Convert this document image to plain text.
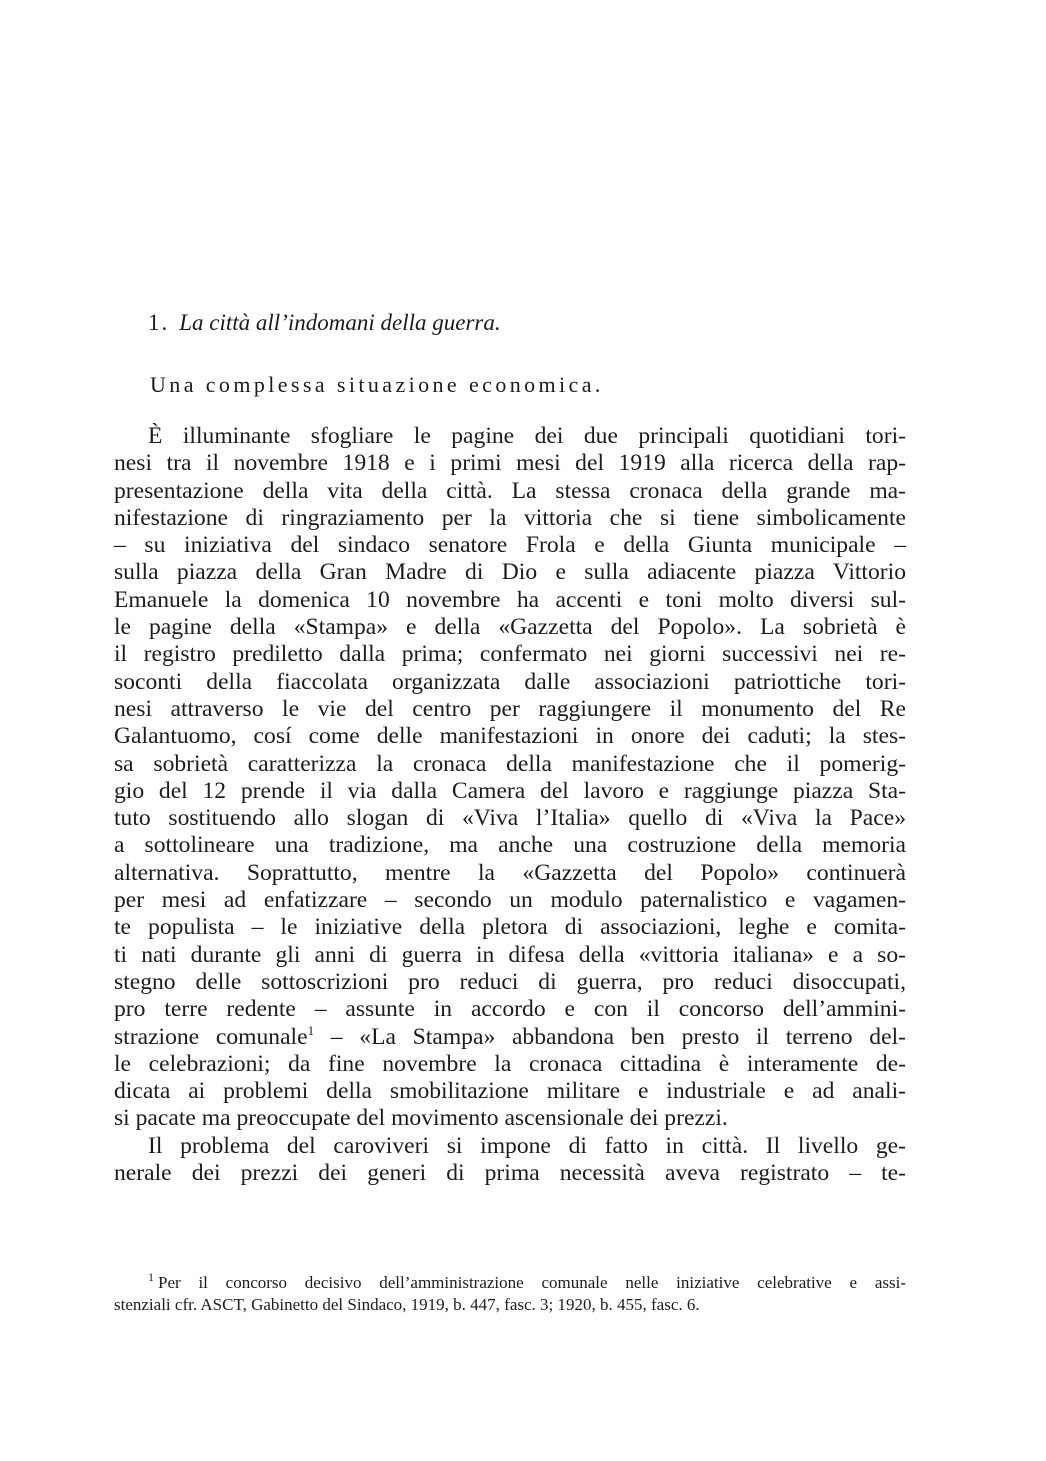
1. La città all’indomani della guerra.
Una complessa situazione economica.
È illuminante sfogliare le pagine dei due principali quotidiani tori-
nesi tra il novembre 1918 e i primi mesi del 1919 alla ricerca della rap-
presentazione della vita della città. La stessa cronaca della grande ma-
nifestazione di ringraziamento per la vittoria che si tiene simbolicamente
– su iniziativa del sindaco senatore Frola e della Giunta municipale –
sulla piazza della Gran Madre di Dio e sulla adiacente piazza Vittorio
Emanuele la domenica 10 novembre ha accenti e toni molto diversi sul-
le pagine della «Stampa» e della «Gazzetta del Popolo». La sobrietà è
il registro prediletto dalla prima; confermato nei giorni successivi nei re-
soconti della fiaccolata organizzata dalle associazioni patriottiche tori-
nesi attraverso le vie del centro per raggiungere il monumento del Re
Galantuomo, cosí come delle manifestazioni in onore dei caduti; la stes-
sa sobrietà caratterizza la cronaca della manifestazione che il pomerig-
gio del 12 prende il via dalla Camera del lavoro e raggiunge piazza Sta-
tuto sostituendo allo slogan di «Viva l’Italia» quello di «Viva la Pace»
a sottolineare una tradizione, ma anche una costruzione della memoria
alternativa. Soprattutto, mentre la «Gazzetta del Popolo» continuerà
per mesi ad enfatizzare – secondo un modulo paternalistico e vagamen-
te populista – le iniziative della pletora di associazioni, leghe e comita-
ti nati durante gli anni di guerra in difesa della «vittoria italiana» e a so-
stegno delle sottoscrizioni pro reduci di guerra, pro reduci disoccupati,
pro terre redente – assunte in accordo e con il concorso dell’ammini-
strazione comunale$^1$ – «La Stampa» abbandona ben presto il terreno del-
le celebrazioni; da fine novembre la cronaca cittadina è interamente de-
dicata ai problemi della smobilitazione militare e industriale e ad anali-
si pacate ma preoccupate del movimento ascensionale dei prezzi.
Il problema del caroviveri si impone di fatto in città. Il livello ge-
nerale dei prezzi dei generi di prima necessità aveva registrato – te-
$^1$ Per il concorso decisivo dell’amministrazione comunale nelle iniziative celebrative e assi-
stenziali cfr. ASCT, Gabinetto del Sindaco, 1919, b. 447, fasc. 3; 1920, b. 455, fasc. 6.
